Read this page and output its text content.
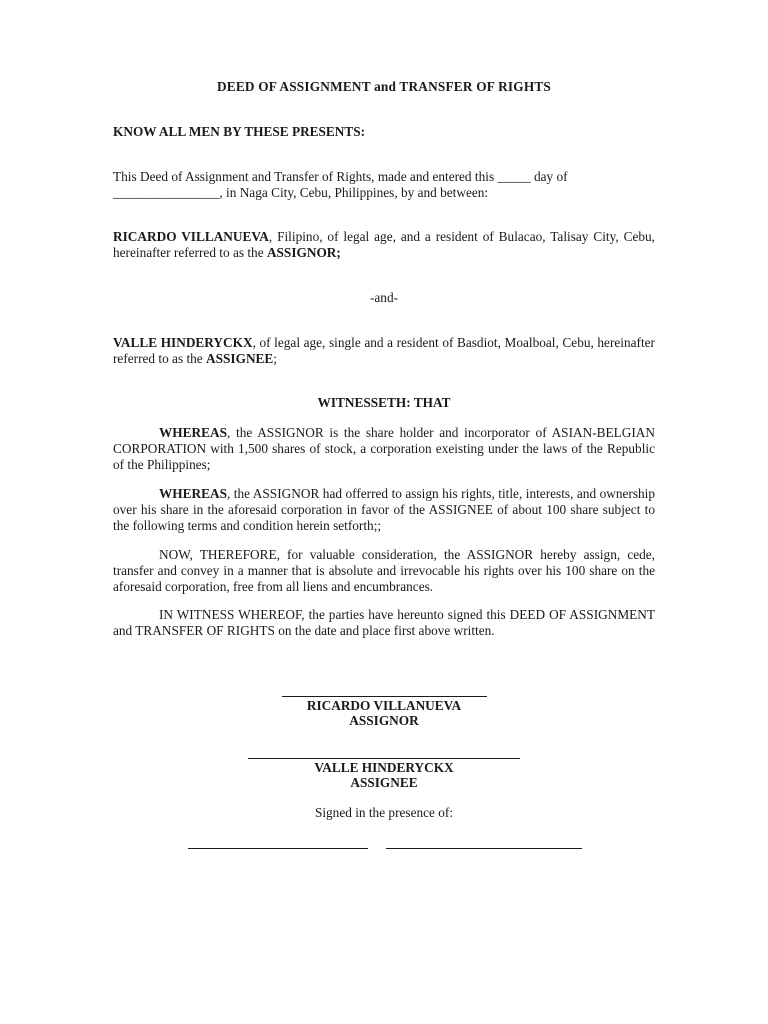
DEED OF ASSIGNMENT and TRANSFER OF RIGHTS

KNOW ALL MEN BY THESE PRESENTS:

This Deed of Assignment and Transfer of Rights, made and entered this _____ day of
________________, in Naga City, Cebu, Philippines, by and between:

RICARDO VILLANUEVA, Filipino, of legal age, and a resident of Bulacao, Talisay City, Cebu, hereinafter referred to as the ASSIGNOR;

-and-

VALLE HINDERYCKX, of legal age, single and a resident of Basdiot, Moalboal, Cebu, hereinafter referred to as the ASSIGNEE;

WITNESSETH: THAT

WHEREAS, the ASSIGNOR is the share holder and incorporator of ASIAN-BELGIAN CORPORATION with 1,500 shares of stock, a corporation exeisting under the laws of the Republic of the Philippines;

WHEREAS, the ASSIGNOR had offerred to assign his rights, title, interests, and ownership over his share in the aforesaid corporation in favor of the ASSIGNEE of about 100 share subject to the following terms and condition herein setforth;;

NOW, THEREFORE, for valuable consideration, the ASSIGNOR hereby assign, cede, transfer and convey in a manner that is absolute and irrevocable his rights over his 100 share on the aforesaid corporation, free from all liens and encumbrances.

IN WITNESS WHEREOF, the parties have hereunto signed this DEED OF ASSIGNMENT and TRANSFER OF RIGHTS on the date and place first above written.

RICARDO VILLANUEVA

ASSIGNOR

VALLE HINDERYCKX

ASSIGNEE

Signed in the presence of:
